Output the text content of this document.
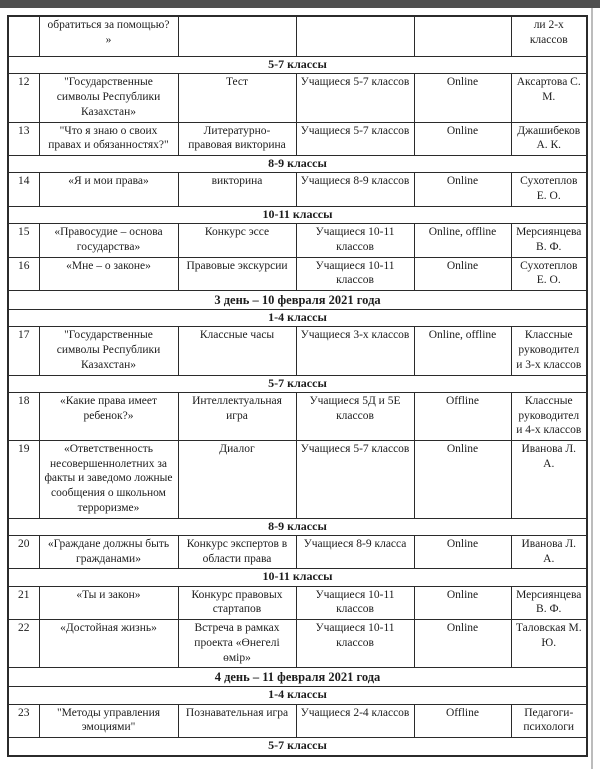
	обратиться за помощью? »				ли 2-х классов
5-7 классы					
12	"Государственные символы Республики Казахстан»	Тест	Учащиеся 5-7 классов	Online	Аксартова С. М.
13	"Что я знаю о своих правах и обязанностях?"	Литературно-правовая викторина	Учащиеся 5-7 классов	Online	Джашибеков А. К.
8-9 классы					
14	«Я и мои права»	викторина	Учащиеся 8-9 классов	Online	Сухотеплов Е. О.
10-11 классы					
15	«Правосудие – основа государства»	Конкурс эссе	Учащиеся 10-11 классов	Online, offline	Мерсиянцева В. Ф.
16	«Мне – о законе»	Правовые экскурсии	Учащиеся 10-11 классов	Online	Сухотеплов Е. О.
3 день – 10 февраля 2021 года					
1-4 классы					
17	"Государственные символы Республики Казахстан»	Классные часы	Учащиеся 3-х классов	Online, offline	Классные руководители 3-х классов
5-7 классы					
18	«Какие права имеет ребенок?»	Интеллектуальная игра	Учащиеся 5Д и 5Е классов	Offline	Классные руководители 4-х классов
19	«Ответственность несовершеннолетних за факты и заведомо ложные сообщения о школьном терроризме»	Диалог	Учащиеся 5-7 классов	Online	Иванова Л. А.
8-9 классы					
20	«Граждане должны быть гражданами»	Конкурс экспертов в области права	Учащиеся 8-9 класса	Online	Иванова Л. А.
10-11 классы					
21	«Ты и закон»	Конкурс правовых стартапов	Учащиеся 10-11 классов	Online	Мерсиянцева В. Ф.
22	«Достойная жизнь»	Встреча в рамках проекта «Өнегелі өмір»	Учащиеся 10-11 классов	Online	Таловская М. Ю.
4 день – 11 февраля 2021 года					
1-4 классы					
23	"Методы управления эмоциями"	Познавательная игра	Учащиеся 2-4 классов	Offline	Педагоги-психологи
5-7 классы					
